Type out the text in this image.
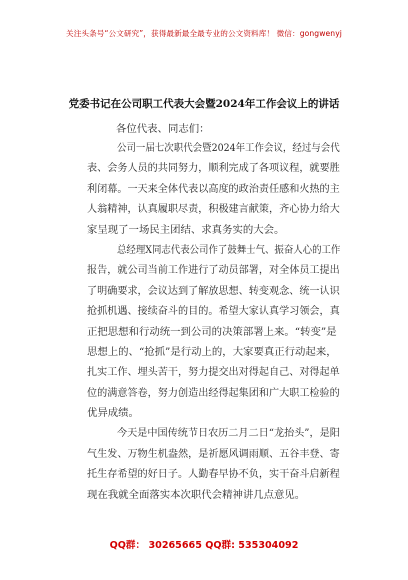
关注头条号“公文研究”，获得最新最全最专业的公文资料库！ 微信：gongwenyj
党委书记在公司职工代表大会暨2024年工作会议上的讲话
各位代表、同志们：
公司一届七次职代会暨2024年工作会议，经过与会代
表、会务人员的共同努力，顺利完成了各项议程，就要胜
利闭幕。一天来全体代表以高度的政治责任感和火热的主
人翁精神，认真履职尽责，积极建言献策，齐心协力给大
家呈现了一场民主团结、求真务实的大会。
总经理X同志代表公司作了鼓舞士气、振奋人心的工作
报告，就公司当前工作进行了动员部署，对全体员工提出
了明确要求，会议达到了解放思想、转变观念、统一认识
抢抓机遇、接续奋斗的目的。希望大家认真学习领会，真
正把思想和行动统一到公司的决策部署上来。“转变”是
思想上的、“抢抓”是行动上的，大家要真正行动起来，
扎实工作、埋头苦干，努力提交出对得起自己、对得起单
位的满意答卷，努力创造出经得起集团和广大职工检验的
优异成绩。
今天是中国传统节日农历二月二日“龙抬头”，是阳
气生发、万物生机盎然，是祈愿风调雨顺、五谷丰登、寄
托生存希望的好日子。人勤春早协不负，实干奋斗启新程
现在我就全面落实本次职代会精神讲几点意见。
QQ群： 30265665 QQ群: 535304092
